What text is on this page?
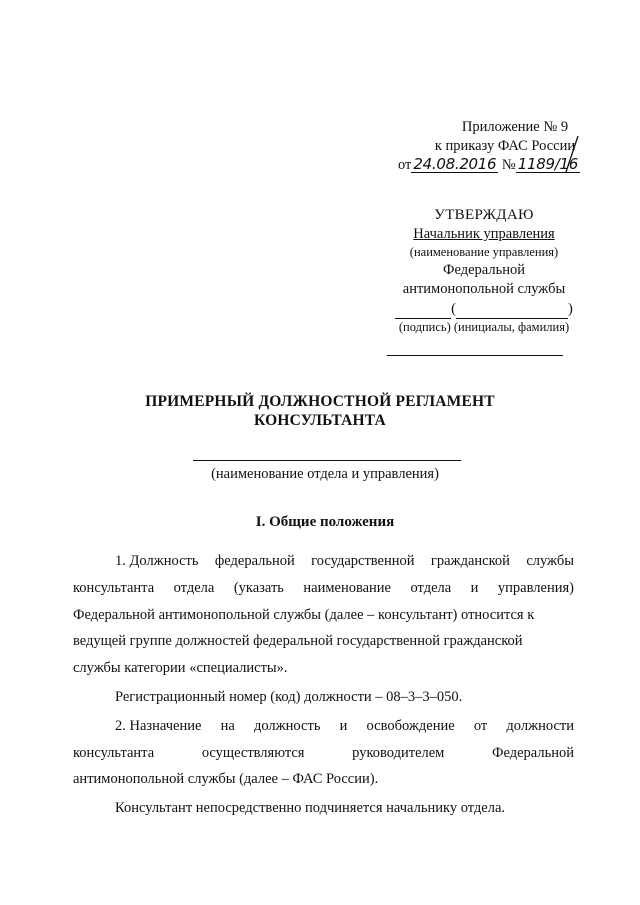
Приложение № 9
к приказу ФАС России
от 24.08.2016 № 1189/16
УТВЕРЖДАЮ
Начальник управления
(наименование управления)
Федеральной
антимонопольной службы
(	)
(подпись) (инициалы, фамилия)
ПРИМЕРНЫЙ ДОЛЖНОСТНОЙ РЕГЛАМЕНТ
КОНСУЛЬТАНТА
(наименование отдела и управления)
I. Общие положения
1. Должность федеральной государственной гражданской службы
консультанта отдела (указать наименование отдела и управления)
Федеральной антимонопольной службы (далее – консультант) относится к
ведущей группе должностей федеральной государственной гражданской
службы категории «специалисты».
Регистрационный номер (код) должности – 08–3–3–050.
2. Назначение на должность и освобождение от должности
консультанта	осуществляются	руководителем	Федеральной
антимонопольной службы (далее – ФАС России).
Консультант непосредственно подчиняется начальнику отдела.
